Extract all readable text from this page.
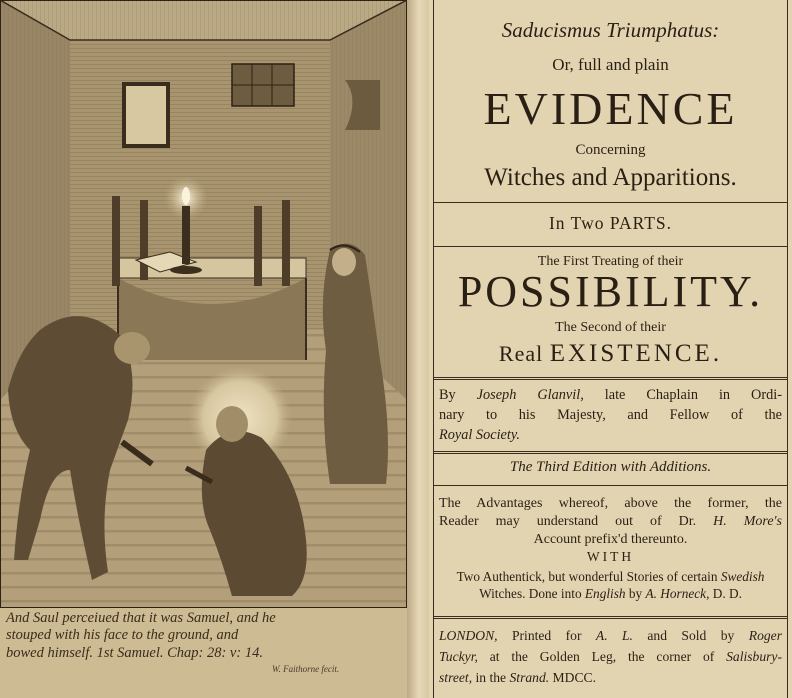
And Saul perceiued that it was Samuel, and he
stouped with his face to the ground, and
bowed himself. 1st Samuel. Chap: 28: v: 14.
W. Faithorne fecit.
Saducismus Triumphatus:
Or, full and plain
EVIDENCE
Concerning
Witches and Apparitions.
In Two PARTS.
The First Treating of their
POSSIBILITY.
The Second of their
Real EXISTENCE.
By Joseph Glanvil, late Chaplain in Ordi-
nary to his Majesty, and Fellow of the
Royal Society.
The Third Edition with Additions.
The Advantages whereof, above the former, the
Reader may understand out of Dr. H. More's
Account prefix'd thereunto.
WITH
Two Authentick, but wonderful Stories of certain Swedish
Witches. Done into English by A. Horneck, D. D.
LONDON, Printed for A. L. and Sold by Roger
Tuckyr, at the Golden Leg, the corner of Salisbury-
street, in the Strand. MDCC.
